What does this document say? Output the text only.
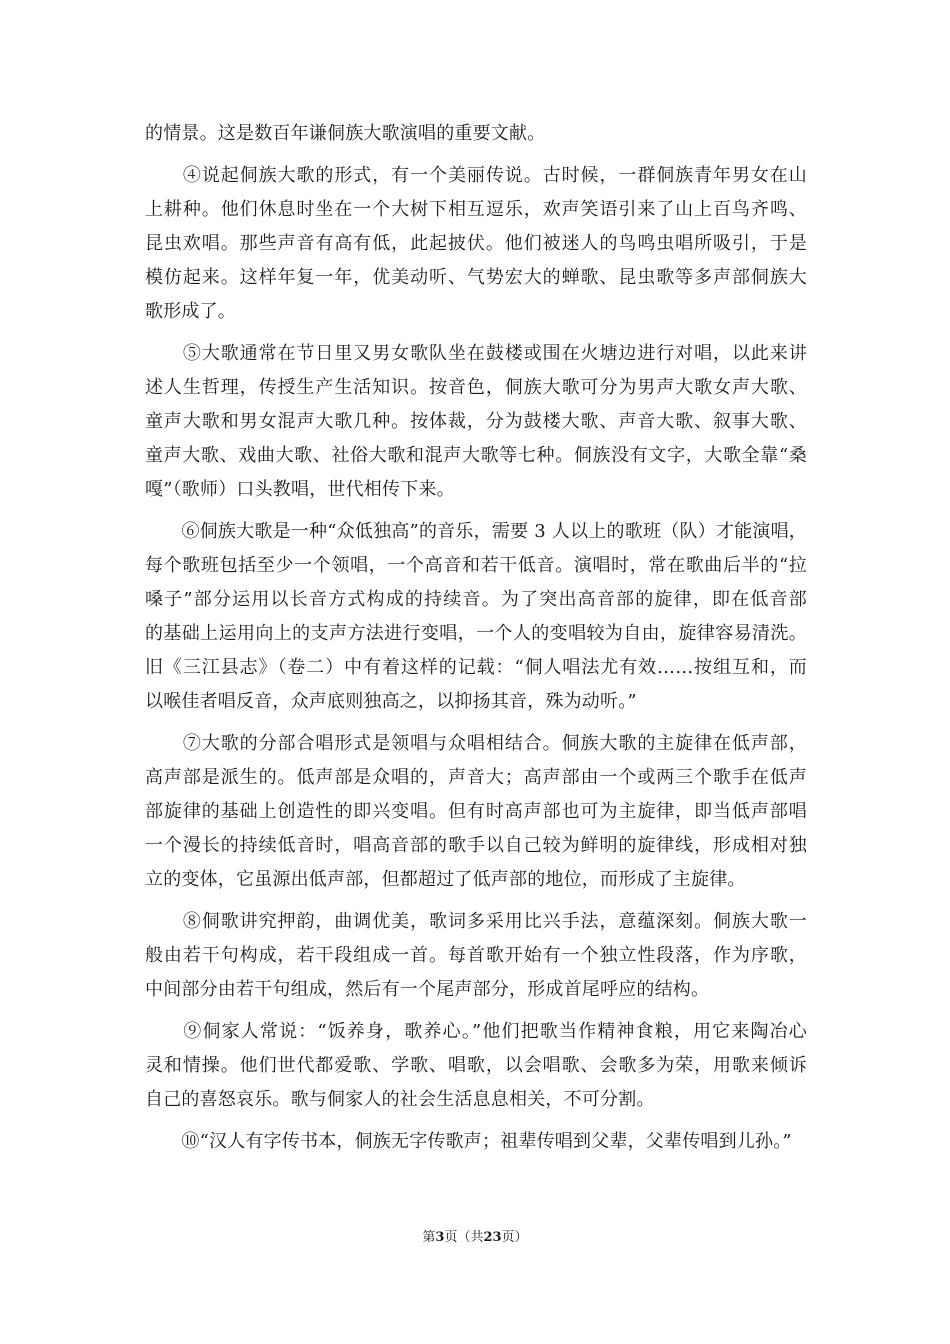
的情景。这是数百年谦侗族大歌演唱的重要文献。
　　④说起侗族大歌的形式，有一个美丽传说。古时候，一群侗族青年男女在山
上耕种。他们休息时坐在一个大树下相互逗乐，欢声笑语引来了山上百鸟齐鸣、
昆虫欢唱。那些声音有高有低，此起披伏。他们被迷人的鸟鸣虫唱所吸引，于是
模仿起来。这样年复一年，优美动听、气势宏大的蝉歌、昆虫歌等多声部侗族大
歌形成了。
　　⑤大歌通常在节日里又男女歌队坐在鼓楼或围在火塘边进行对唱，以此来讲
述人生哲理，传授生产生活知识。按音色，侗族大歌可分为男声大歌女声大歌、
童声大歌和男女混声大歌几种。按体裁，分为鼓楼大歌、声音大歌、叙事大歌、
童声大歌、戏曲大歌、社俗大歌和混声大歌等七种。侗族没有文字，大歌全靠“桑
嘎”（歌师）口头教唱，世代相传下来。
　　⑥侗族大歌是一种“众低独高”的音乐，需要 3 人以上的歌班（队）才能演唱，
每个歌班包括至少一个领唱，一个高音和若干低音。演唱时，常在歌曲后半的“拉
嗓子”部分运用以长音方式构成的持续音。为了突出高音部的旋律，即在低音部
的基础上运用向上的支声方法进行变唱，一个人的变唱较为自由，旋律容易清洗。
旧《三江县志》（卷二）中有着这样的记载：“侗人唱法尤有效……按组互和，而
以喉佳者唱反音，众声底则独高之，以抑扬其音，殊为动听。”
　　⑦大歌的分部合唱形式是领唱与众唱相结合。侗族大歌的主旋律在低声部，
高声部是派生的。低声部是众唱的，声音大；高声部由一个或两三个歌手在低声
部旋律的基础上创造性的即兴变唱。但有时高声部也可为主旋律，即当低声部唱
一个漫长的持续低音时，唱高音部的歌手以自己较为鲜明的旋律线，形成相对独
立的变体，它虽源出低声部，但都超过了低声部的地位，而形成了主旋律。
　　⑧侗歌讲究押韵，曲调优美，歌词多采用比兴手法，意蕴深刻。侗族大歌一
般由若干句构成，若干段组成一首。每首歌开始有一个独立性段落，作为序歌，
中间部分由若干句组成，然后有一个尾声部分，形成首尾呼应的结构。
　　⑨侗家人常说：“饭养身，歌养心。”他们把歌当作精神食粮，用它来陶冶心
灵和情操。他们世代都爱歌、学歌、唱歌，以会唱歌、会歌多为荣，用歌来倾诉
自己的喜怒哀乐。歌与侗家人的社会生活息息相关，不可分割。
　　⑩“汉人有字传书本，侗族无字传歌声；祖辈传唱到父辈，父辈传唱到儿孙。”
第3页（共23页）
